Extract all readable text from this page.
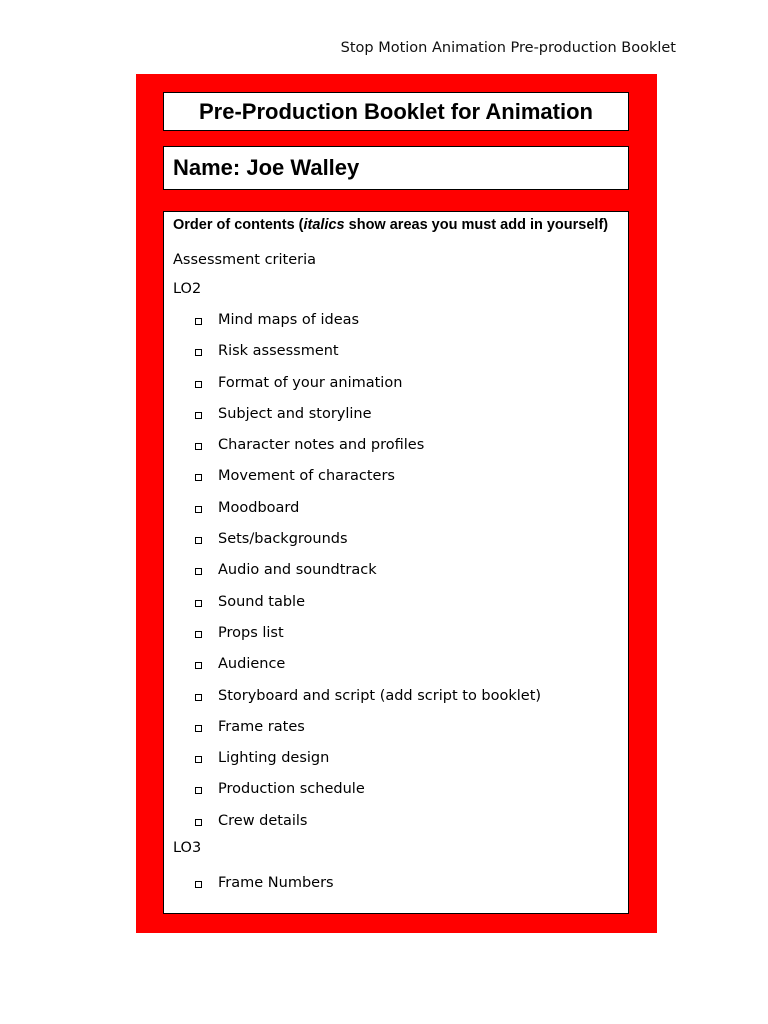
Stop Motion Animation Pre-production Booklet
Pre-Production Booklet for Animation
Name: Joe Walley
Order of contents (italics show areas you must add in yourself)
Assessment criteria
LO2
Mind maps of ideas
Risk assessment
Format of your animation
Subject and storyline
Character notes and profiles
Movement of characters
Moodboard
Sets/backgrounds
Audio and soundtrack
Sound table
Props list
Audience
Storyboard and script (add script to booklet)
Frame rates
Lighting design
Production schedule
Crew details
LO3
Frame Numbers
